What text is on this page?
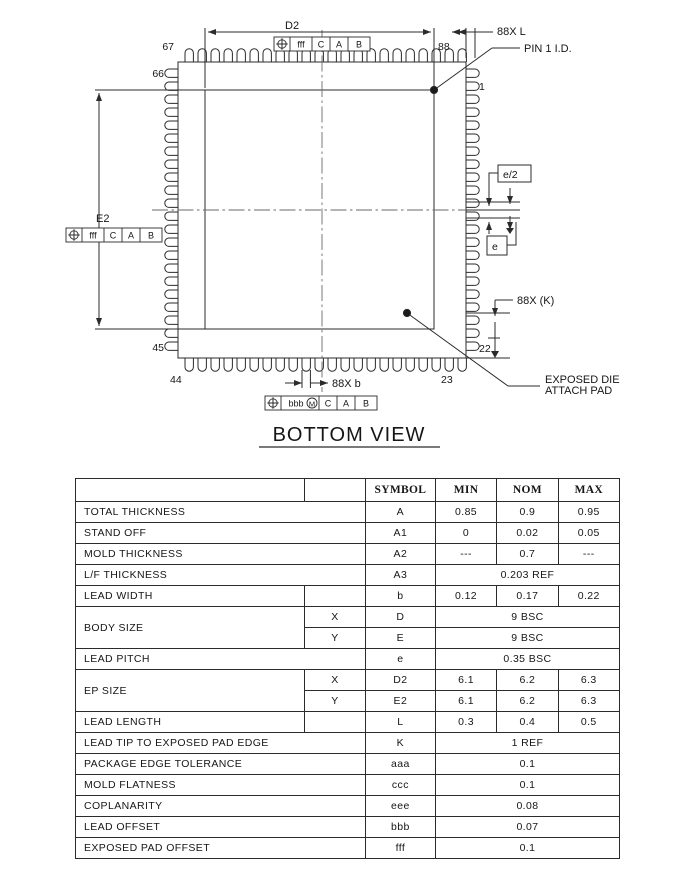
fff C A B
fff C A B
bbb M C A B
D2
E2
88X L
88X b
88X (K)
PIN 1 I.D.
EXPOSED DIE
ATTACH PAD
e/2
e
67	88
66
45
44	23
1
22
BOTTOM VIEW
		SYMBOL	MIN	NOM	MAX
TOTAL THICKNESS		A	0.85	0.9	0.95
STAND OFF		A1	0	0.02	0.05
MOLD THICKNESS		A2	---	0.7	---
L/F THICKNESS		A3	0.203 REF		
LEAD WIDTH		b	0.12	0.17	0.22
BODY SIZE	X	D	9 BSC		
	Y	E	9 BSC		
LEAD PITCH		e	0.35 BSC		
EP SIZE	X	D2	6.1	6.2	6.3
	Y	E2	6.1	6.2	6.3
LEAD LENGTH		L	0.3	0.4	0.5
LEAD TIP TO EXPOSED PAD EDGE		K	1 REF		
PACKAGE EDGE TOLERANCE		aaa	0.1		
MOLD FLATNESS		ccc	0.1		
COPLANARITY		eee	0.08		
LEAD OFFSET		bbb	0.07		
EXPOSED PAD OFFSET		fff	0.1		
